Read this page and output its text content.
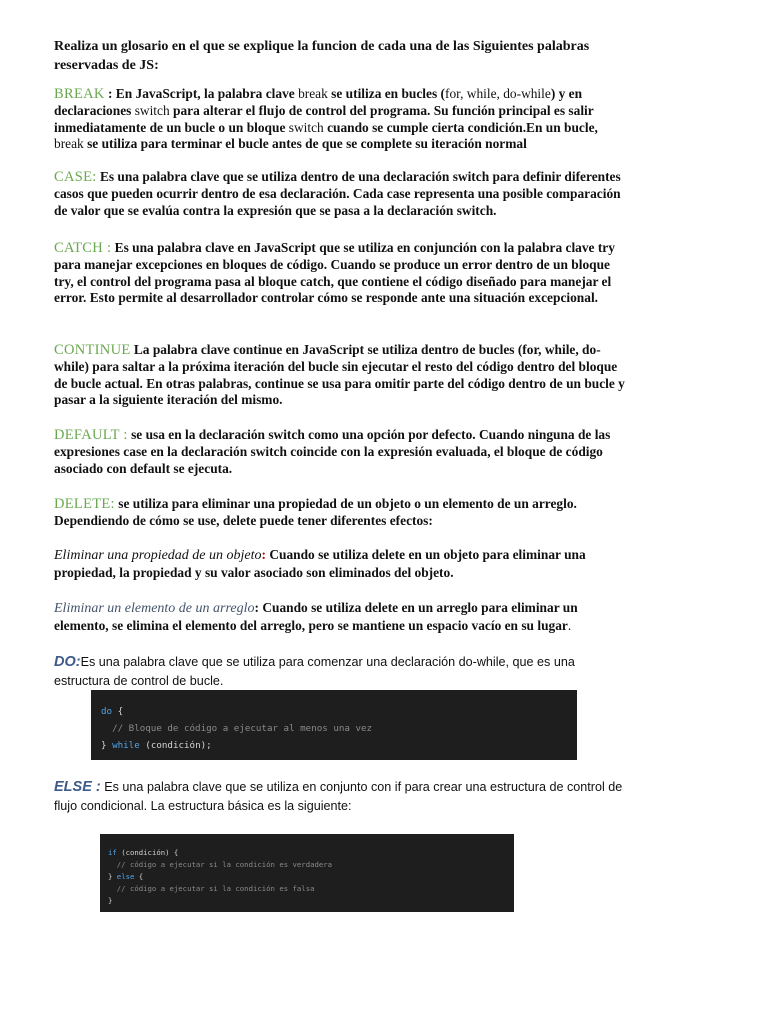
Realiza un glosario en el que se explique la funcion de cada una de las Siguientes palabras reservadas de JS:
BREAK : En JavaScript, la palabra clave break se utiliza en bucles (for, while, do-while) y en declaraciones switch para alterar el flujo de control del programa. Su función principal es salir inmediatamente de un bucle o un bloque switch cuando se cumple cierta condición.En un bucle, break se utiliza para terminar el bucle antes de que se complete su iteración normal
CASE: Es una palabra clave que se utiliza dentro de una declaración switch para definir diferentes casos que pueden ocurrir dentro de esa declaración. Cada case representa una posible comparación de valor que se evalúa contra la expresión que se pasa a la declaración switch.
CATCH : Es una palabra clave en JavaScript que se utiliza en conjunción con la palabra clave try para manejar excepciones en bloques de código. Cuando se produce un error dentro de un bloque try, el control del programa pasa al bloque catch, que contiene el código diseñado para manejar el error. Esto permite al desarrollador controlar cómo se responde ante una situación excepcional.
CONTINUE La palabra clave continue en JavaScript se utiliza dentro de bucles (for, while, do-while) para saltar a la próxima iteración del bucle sin ejecutar el resto del código dentro del bloque de bucle actual. En otras palabras, continue se usa para omitir parte del código dentro de un bucle y pasar a la siguiente iteración del mismo.
DEFAULT : se usa en la declaración switch como una opción por defecto. Cuando ninguna de las expresiones case en la declaración switch coincide con la expresión evaluada, el bloque de código asociado con default se ejecuta.
DELETE: se utiliza para eliminar una propiedad de un objeto o un elemento de un arreglo. Dependiendo de cómo se use, delete puede tener diferentes efectos:
Eliminar una propiedad de un objeto: Cuando se utiliza delete en un objeto para eliminar una propiedad, la propiedad y su valor asociado son eliminados del objeto.
Eliminar un elemento de un arreglo: Cuando se utiliza delete en un arreglo para eliminar un elemento, se elimina el elemento del arreglo, pero se mantiene un espacio vacío en su lugar.
DO:Es una palabra clave que se utiliza para comenzar una declaración do-while, que es una estructura de control de bucle.
do {
// Bloque de código a ejecutar al menos una vez
} while (condición);
ELSE : Es una palabra clave que se utiliza en conjunto con if para crear una estructura de control de flujo condicional. La estructura básica es la siguiente:
if (condición) {
// código a ejecutar si la condición es verdadera
} else {
// código a ejecutar si la condición es falsa
}
